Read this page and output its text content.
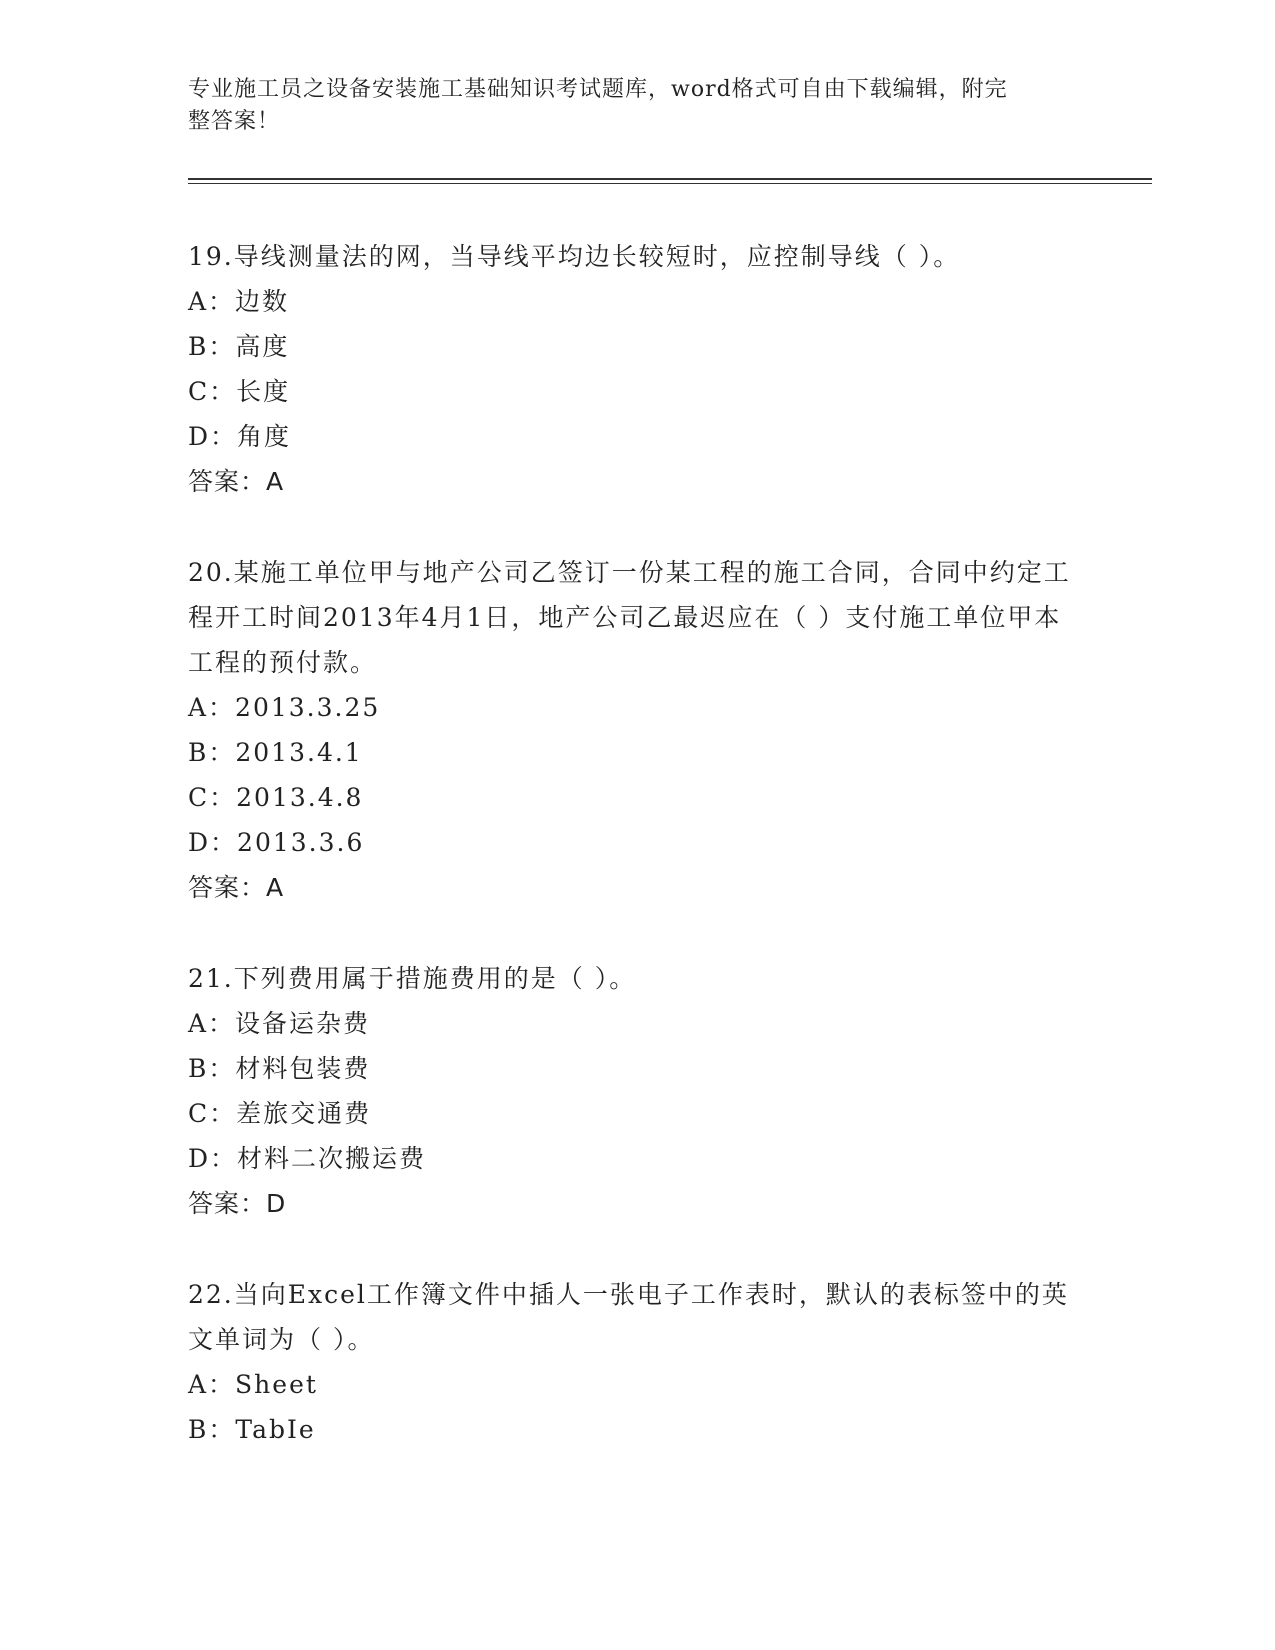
专业施工员之设备安装施工基础知识考试题库，word格式可自由下载编辑，附完
整答案！
19.导线测量法的网，当导线平均边长较短时，应控制导线（ ）。
A：边数
B：高度
C：长度
D：角度
答案：A
20.某施工单位甲与地产公司乙签订一份某工程的施工合同，合同中约定工程开工时间2013年4月1日，地产公司乙最迟应在（ ）支付施工单位甲本工程的预付款。
A：2013.3.25
B：2013.4.1
C：2013.4.8
D：2013.3.6
答案：A
21.下列费用属于措施费用的是（ ）。
A：设备运杂费
B：材料包装费
C：差旅交通费
D：材料二次搬运费
答案：D
22.当向Excel工作簿文件中插人一张电子工作表时，默认的表标签中的英文单词为（ ）。
A：Sheet
B：TabIe
